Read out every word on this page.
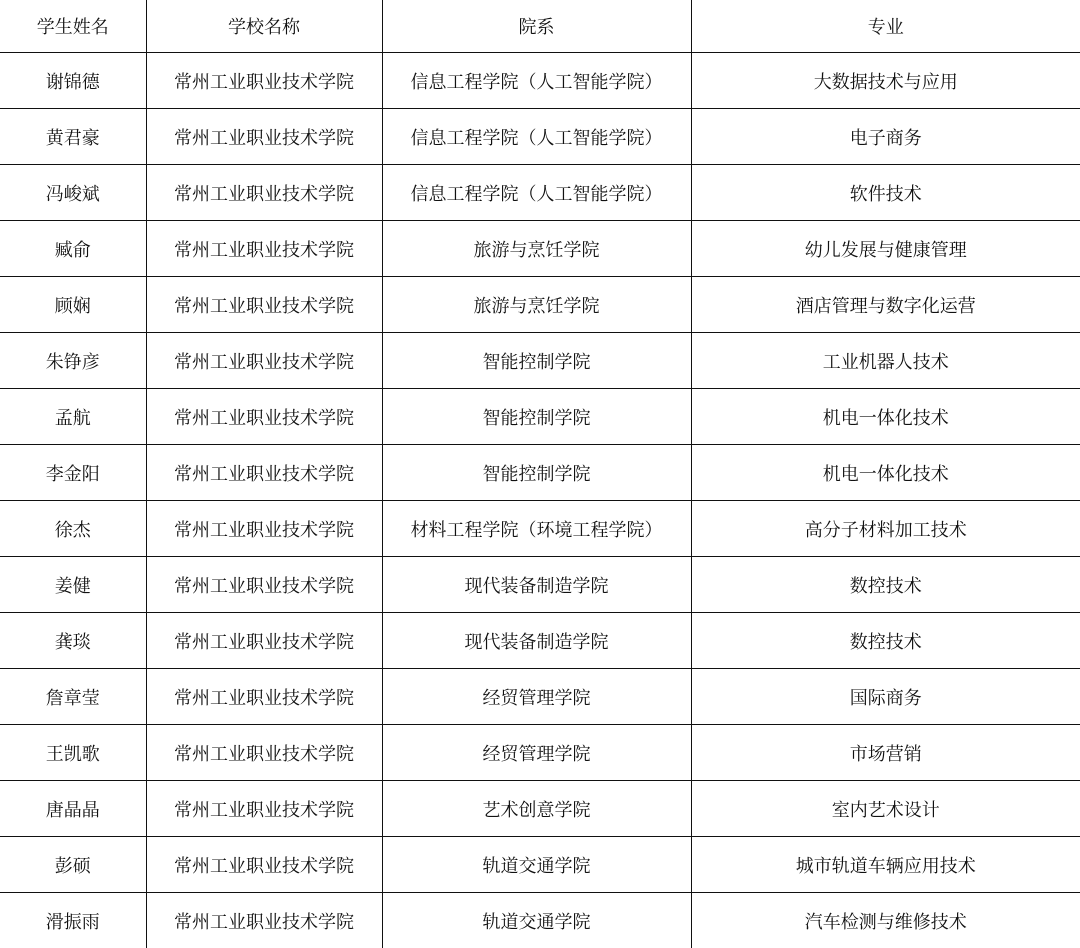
学生姓名	学校名称	院系	专业
谢锦德	常州工业职业技术学院	信息工程学院（人工智能学院）	大数据技术与应用
黄君豪	常州工业职业技术学院	信息工程学院（人工智能学院）	电子商务
冯峻斌	常州工业职业技术学院	信息工程学院（人工智能学院）	软件技术
臧俞	常州工业职业技术学院	旅游与烹饪学院	幼儿发展与健康管理
顾娴	常州工业职业技术学院	旅游与烹饪学院	酒店管理与数字化运营
朱铮彦	常州工业职业技术学院	智能控制学院	工业机器人技术
孟航	常州工业职业技术学院	智能控制学院	机电一体化技术
李金阳	常州工业职业技术学院	智能控制学院	机电一体化技术
徐杰	常州工业职业技术学院	材料工程学院（环境工程学院）	高分子材料加工技术
姜健	常州工业职业技术学院	现代装备制造学院	数控技术
龚琰	常州工业职业技术学院	现代装备制造学院	数控技术
詹章莹	常州工业职业技术学院	经贸管理学院	国际商务
王凯歌	常州工业职业技术学院	经贸管理学院	市场营销
唐晶晶	常州工业职业技术学院	艺术创意学院	室内艺术设计
彭硕	常州工业职业技术学院	轨道交通学院	城市轨道车辆应用技术
滑振雨	常州工业职业技术学院	轨道交通学院	汽车检测与维修技术
